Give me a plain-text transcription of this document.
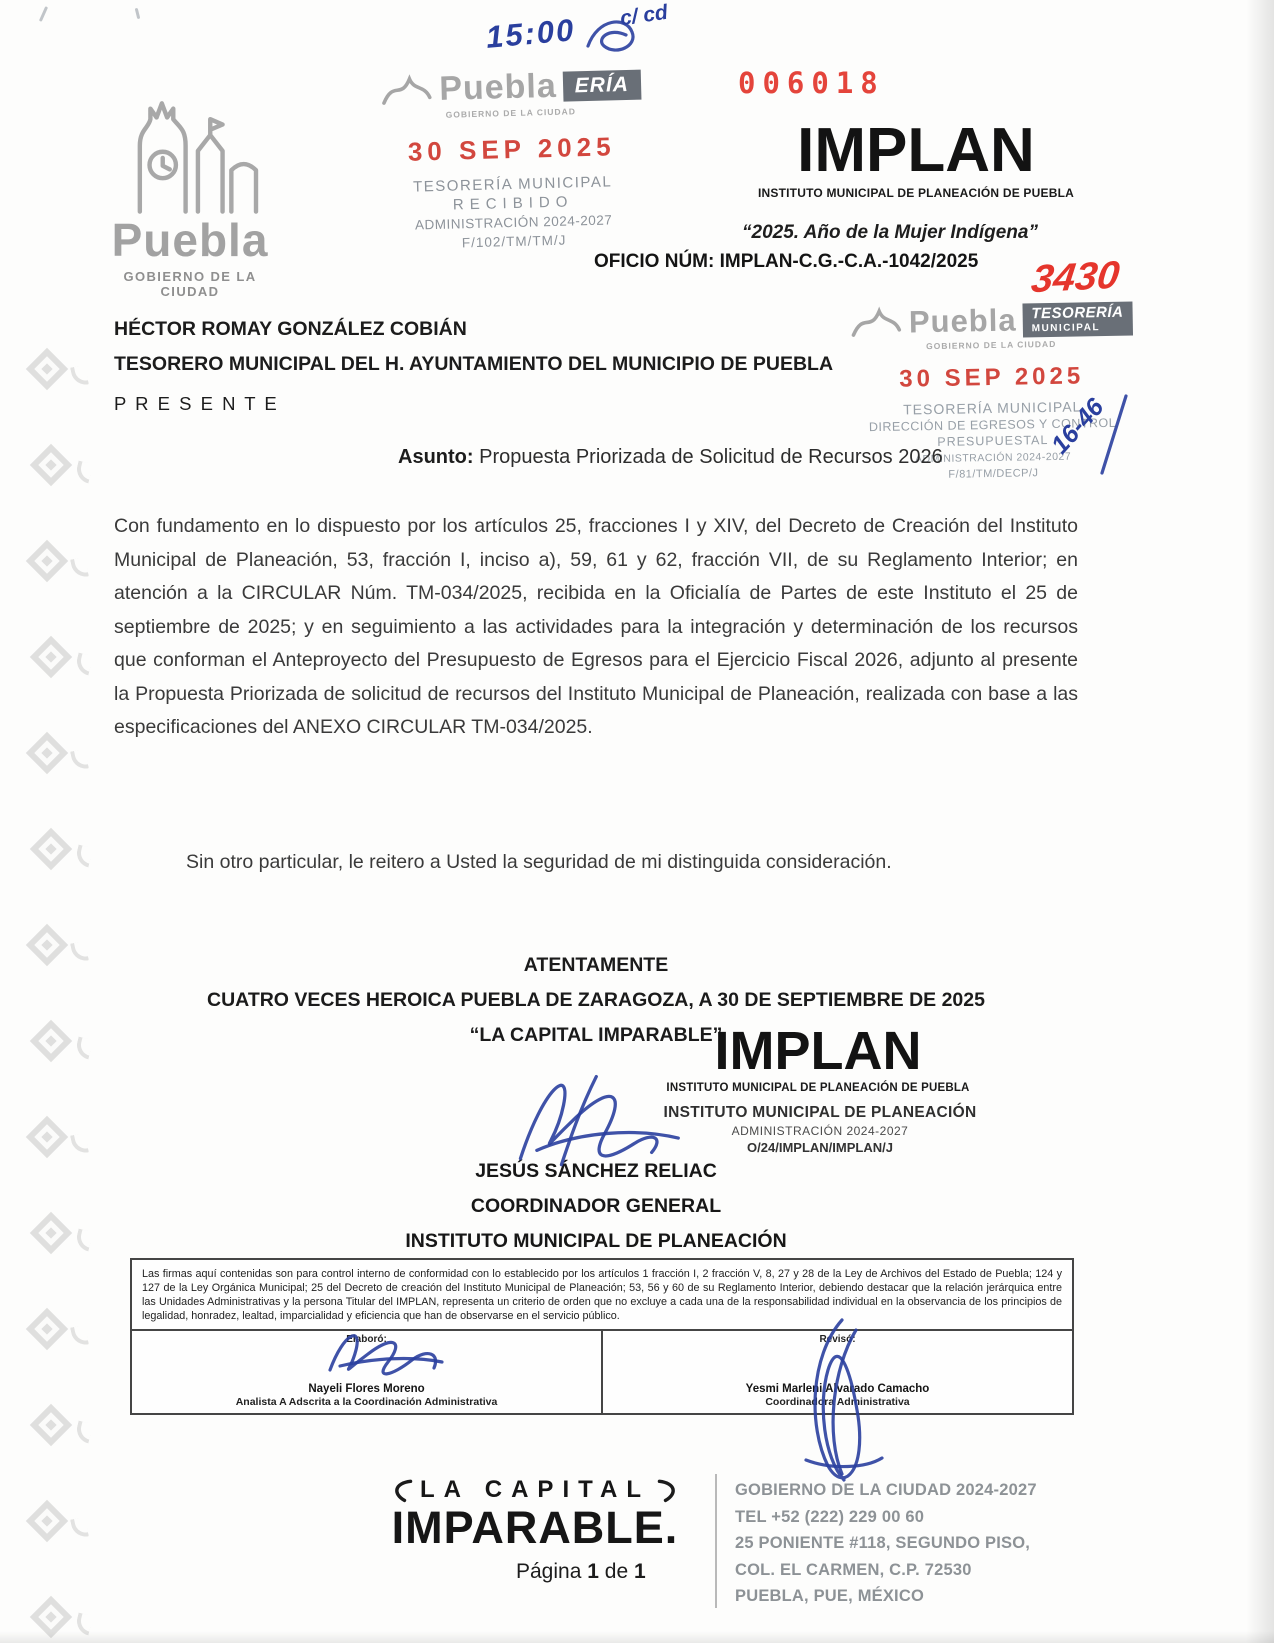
c/ cd
15:00
006018
Puebla
GOBIERNO DE LA CIUDAD
Puebla ERÍA
GOBIERNO DE LA CIUDAD
30 SEP 2025
TESORERÍA MUNICIPAL
RECIBIDO
ADMINISTRACIÓN 2024-2027
F/102/TM/TM/J
IMPLAN
INSTITUTO MUNICIPAL DE PLANEACIÓN DE PUEBLA
“2025. Año de la Mujer Indígena”
OFICIO NÚM: IMPLAN-C.G.-C.A.-1042/2025 3430
HÉCTOR ROMAY GONZÁLEZ COBIÁN
TESORERO MUNICIPAL DEL H. AYUNTAMIENTO DEL MUNICIPIO DE PUEBLA
P R E S E N T E
Puebla TESORERÍA
MUNICIPAL
GOBIERNO DE LA CIUDAD
30 SEP 2025
TESORERÍA MUNICIPAL
DIRECCIÓN DE EGRESOS Y CONTROL
PRESUPUESTAL
ADMINISTRACIÓN 2024-2027
F/81/TM/DECP/J
16-46
Asunto: Propuesta Priorizada de Solicitud de Recursos 2026
Con fundamento en lo dispuesto por los artículos 25, fracciones I y XIV, del Decreto de Creación del Instituto Municipal de Planeación, 53, fracción I, inciso a), 59, 61 y 62, fracción VII, de su Reglamento Interior; en atención a la CIRCULAR Núm. TM-034/2025, recibida en la Oficialía de Partes de este Instituto el 25 de septiembre de 2025; y en seguimiento a las actividades para la integración y determinación de los recursos que conforman el Anteproyecto del Presupuesto de Egresos para el Ejercicio Fiscal 2026, adjunto al presente la Propuesta Priorizada de solicitud de recursos del Instituto Municipal de Planeación, realizada con base a las especificaciones del ANEXO CIRCULAR TM-034/2025.
Sin otro particular, le reitero a Usted la seguridad de mi distinguida consideración.
ATENTAMENTE
CUATRO VECES HEROICA PUEBLA DE ZARAGOZA, A 30 DE SEPTIEMBRE DE 2025
“LA CAPITAL IMPARABLE”
IMPLAN
INSTITUTO MUNICIPAL DE PLANEACIÓN DE PUEBLA
INSTITUTO MUNICIPAL DE PLANEACIÓN
ADMINISTRACIÓN 2024-2027
O/24/IMPLAN/IMPLAN/J
JESÚS SÁNCHEZ RELIAC
COORDINADOR GENERAL
INSTITUTO MUNICIPAL DE PLANEACIÓN
Las firmas aquí contenidas son para control interno de conformidad con lo establecido por los artículos 1 fracción I, 2 fracción V, 8, 27 y 28 de la Ley de Archivos del Estado de Puebla; 124 y 127 de la Ley Orgánica Municipal; 25 del Decreto de creación del Instituto Municipal de Planeación; 53, 56 y 60 de su Reglamento Interior, debiendo destacar que la relación jerárquica entre las Unidades Administrativas y la persona Titular del IMPLAN, representa un criterio de orden que no excluye a cada una de la responsabilidad individual en la observancia de los principios de legalidad, honradez, lealtad, imparcialidad y eficiencia que han de observarse en el servicio público.
Elaboró:
Nayeli Flores Moreno
Analista A Adscrita a la Coordinación Administrativa
Revisó:
Yesmi Marleni Alvarado Camacho
Coordinadora Administrativa
LA CAPITAL
IMPARABLE.
Página 1 de 1
GOBIERNO DE LA CIUDAD 2024-2027
TEL +52 (222) 229 00 60
25 PONIENTE #118, SEGUNDO PISO,
COL. EL CARMEN, C.P. 72530
PUEBLA, PUE, MÉXICO
